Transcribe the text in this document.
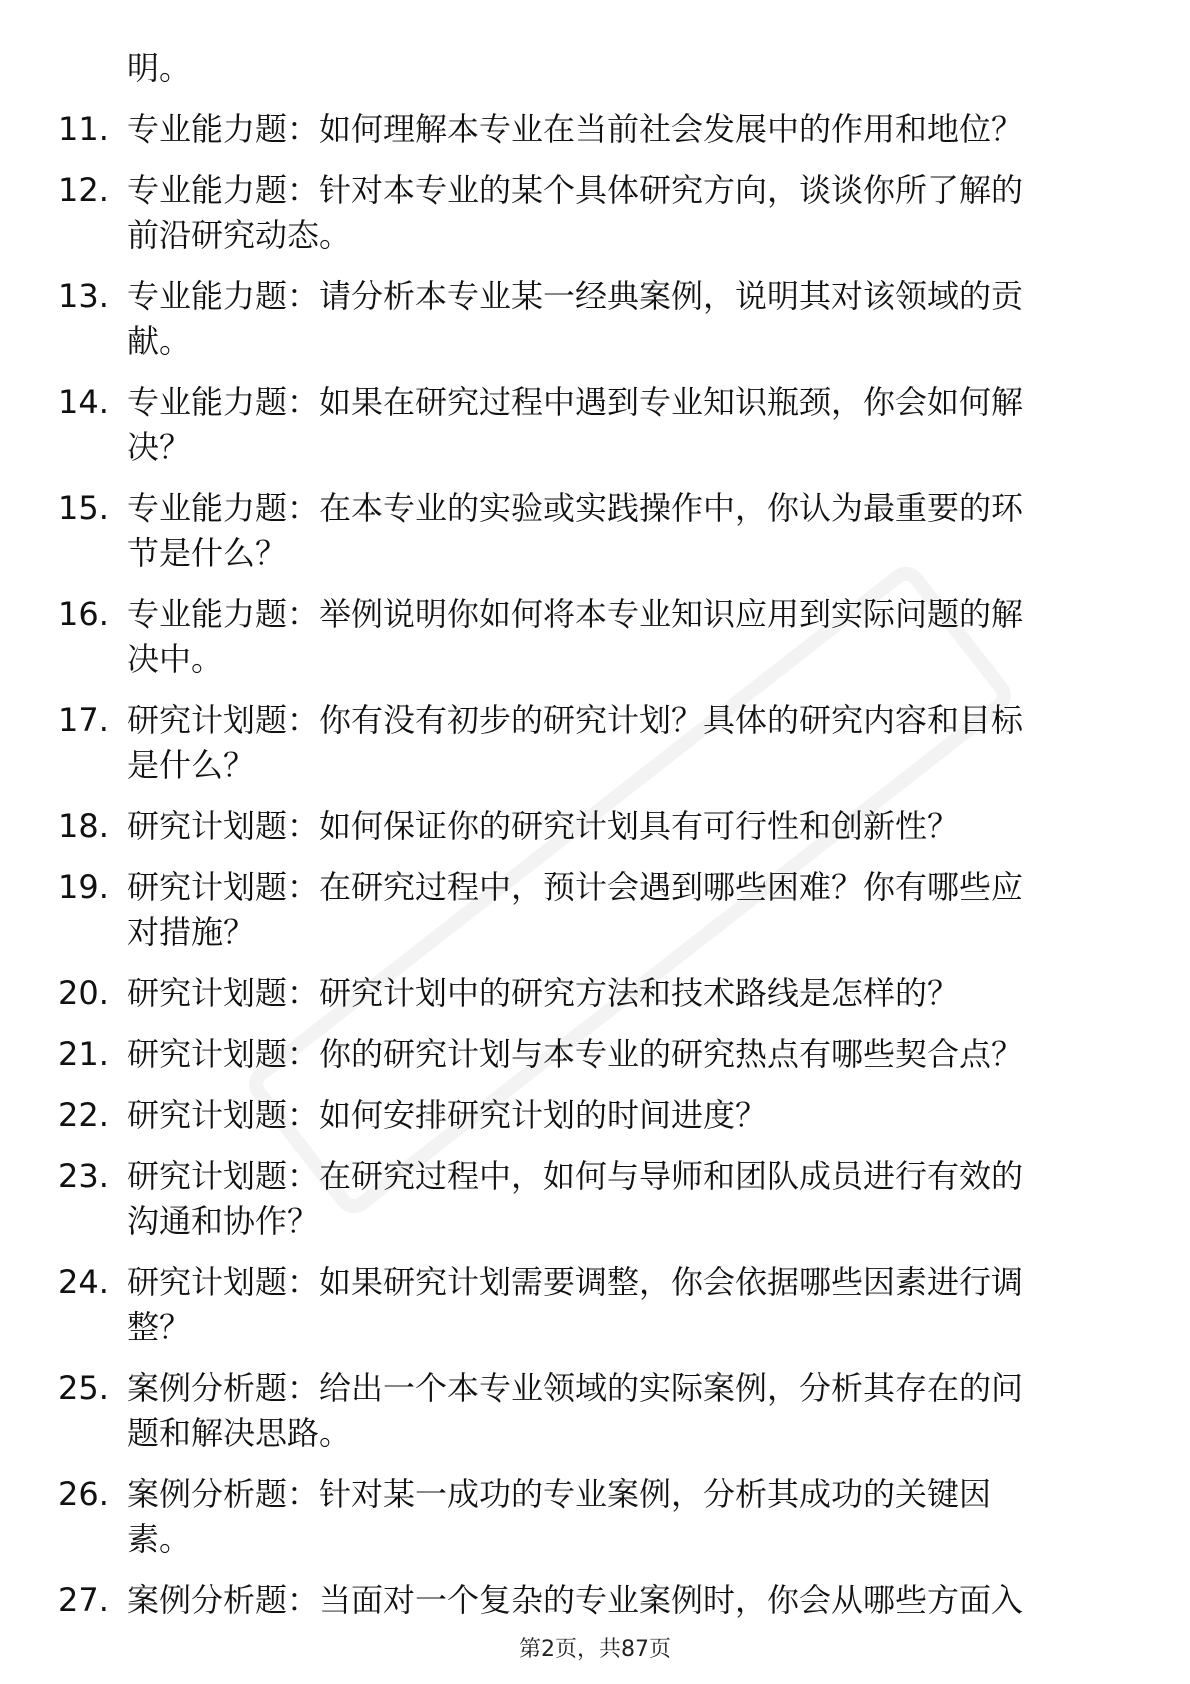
明。
11. 专业能力题：如何理解本专业在当前社会发展中的作用和地位？
12. 专业能力题：针对本专业的某个具体研究方向，谈谈你所了解的
前沿研究动态。
13. 专业能力题：请分析本专业某一经典案例，说明其对该领域的贡
献。
14. 专业能力题：如果在研究过程中遇到专业知识瓶颈，你会如何解
决？
15. 专业能力题：在本专业的实验或实践操作中，你认为最重要的环
节是什么？
16. 专业能力题：举例说明你如何将本专业知识应用到实际问题的解
决中。
17. 研究计划题：你有没有初步的研究计划？具体的研究内容和目标
是什么？
18. 研究计划题：如何保证你的研究计划具有可行性和创新性？
19. 研究计划题：在研究过程中，预计会遇到哪些困难？你有哪些应
对措施？
20. 研究计划题：研究计划中的研究方法和技术路线是怎样的？
21. 研究计划题：你的研究计划与本专业的研究热点有哪些契合点？
22. 研究计划题：如何安排研究计划的时间进度？
23. 研究计划题：在研究过程中，如何与导师和团队成员进行有效的
沟通和协作？
24. 研究计划题：如果研究计划需要调整，你会依据哪些因素进行调
整？
25. 案例分析题：给出一个本专业领域的实际案例，分析其存在的问
题和解决思路。
26. 案例分析题：针对某一成功的专业案例，分析其成功的关键因
素。
27. 案例分析题：当面对一个复杂的专业案例时，你会从哪些方面入
第2页，共87页
